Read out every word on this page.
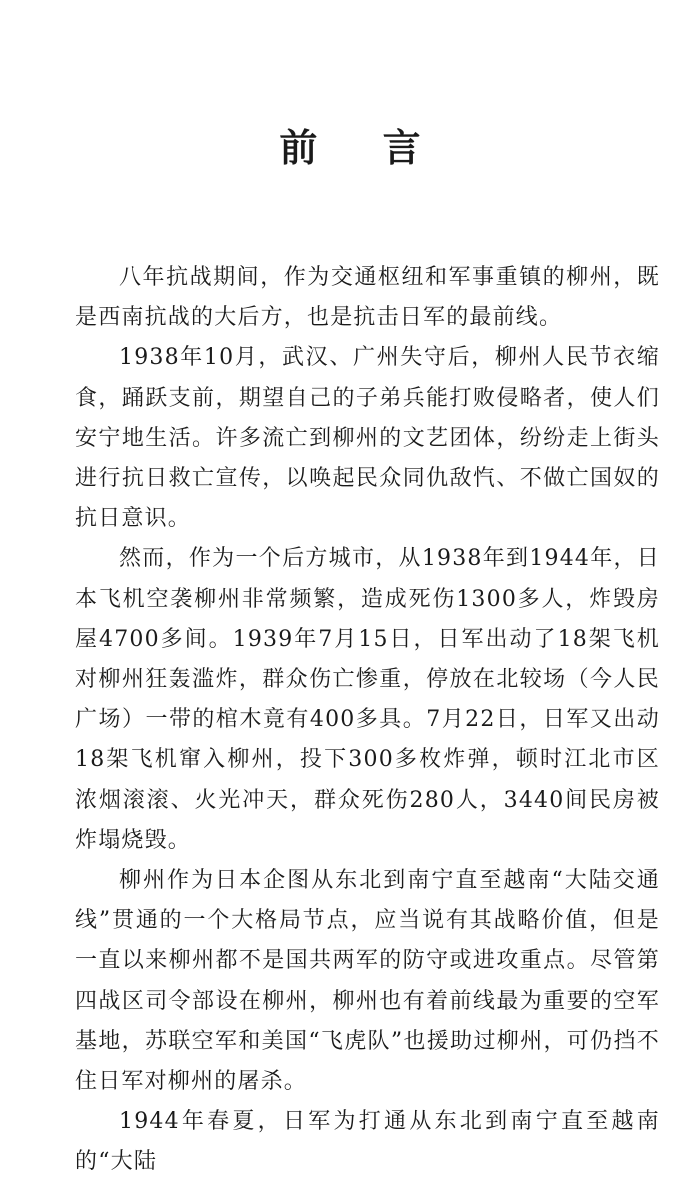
前 言

八年抗战期间，作为交通枢纽和军事重镇的柳州，既是西南抗战的大后方，也是抗击日军的最前线。

1938年10月，武汉、广州失守后，柳州人民节衣缩食，踊跃支前，期望自己的子弟兵能打败侵略者，使人们安宁地生活。许多流亡到柳州的文艺团体，纷纷走上街头进行抗日救亡宣传，以唤起民众同仇敌忾、不做亡国奴的抗日意识。

然而，作为一个后方城市，从1938年到1944年，日本飞机空袭柳州非常频繁，造成死伤1300多人，炸毁房屋4700多间。1939年7月15日，日军出动了18架飞机对柳州狂轰滥炸，群众伤亡惨重，停放在北较场（今人民广场）一带的棺木竟有400多具。7月22日，日军又出动18架飞机窜入柳州，投下300多枚炸弹，顿时江北市区浓烟滚滚、火光冲天，群众死伤280人，3440间民房被炸塌烧毁。

柳州作为日本企图从东北到南宁直至越南“大陆交通线”贯通的一个大格局节点，应当说有其战略价值，但是一直以来柳州都不是国共两军的防守或进攻重点。尽管第四战区司令部设在柳州，柳州也有着前线最为重要的空军基地，苏联空军和美国“飞虎队”也援助过柳州，可仍挡不住日军对柳州的屠杀。

1944年春夏，日军为打通从东北到南宁直至越南的“大陆
